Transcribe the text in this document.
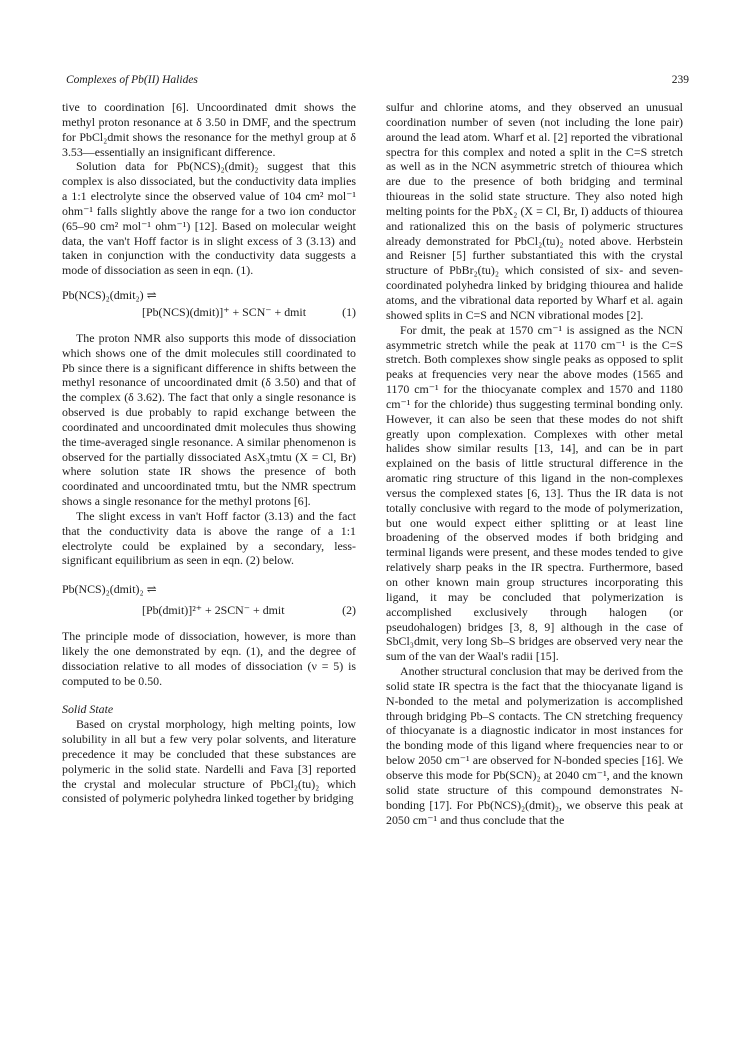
Complexes of Pb(II) Halides	239

tive to coordination [6]. Uncoordinated dmit shows the methyl proton resonance at δ 3.50 in DMF, and the spectrum for PbCl₂dmit shows the resonance for the methyl group at δ 3.53—essentially an insignificant difference.

Solution data for Pb(NCS)₂(dmit)₂ suggest that this complex is also dissociated, but the conductivity data implies a 1:1 electrolyte since the observed value of 104 cm² mol⁻¹ ohm⁻¹ falls slightly above the range for a two ion conductor (65–90 cm² mol⁻¹ ohm⁻¹) [12]. Based on molecular weight data, the van't Hoff factor is in slight excess of 3 (3.13) and taken in conjunction with the conductivity data suggests a mode of dissociation as seen in eqn. (1).

Pb(NCS)₂(dmit₂) ⇌
[Pb(NCS)(dmit)]⁺ + SCN⁻ + dmit	(1)

The proton NMR also supports this mode of dissociation which shows one of the dmit molecules still coordinated to Pb since there is a significant difference in shifts between the methyl resonance of uncoordinated dmit (δ 3.50) and that of the complex (δ 3.62). The fact that only a single resonance is observed is due probably to rapid exchange between the coordinated and uncoordinated dmit molecules thus showing the time-averaged single resonance. A similar phenomenon is observed for the partially dissociated AsX₃tmtu (X = Cl, Br) where solution state IR shows the presence of both coordinated and uncoordinated tmtu, but the NMR spectrum shows a single resonance for the methyl protons [6].

The slight excess in van't Hoff factor (3.13) and the fact that the conductivity data is above the range of a 1:1 electrolyte could be explained by a secondary, less-significant equilibrium as seen in eqn. (2) below.

Pb(NCS)₂(dmit)₂ ⇌
[Pb(dmit)]²⁺ + 2SCN⁻ + dmit	(2)

The principle mode of dissociation, however, is more than likely the one demonstrated by eqn. (1), and the degree of dissociation relative to all modes of dissociation (ν = 5) is computed to be 0.50.

Solid State

Based on crystal morphology, high melting points, low solubility in all but a few very polar solvents, and literature precedence it may be concluded that these substances are polymeric in the solid state. Nardelli and Fava [3] reported the crystal and molecular structure of PbCl₂(tu)₂ which consisted of polymeric polyhedra linked together by bridging

sulfur and chlorine atoms, and they observed an unusual coordination number of seven (not including the lone pair) around the lead atom. Wharf et al. [2] reported the vibrational spectra for this complex and noted a split in the C=S stretch as well as in the NCN asymmetric stretch of thiourea which are due to the presence of both bridging and terminal thioureas in the solid state structure. They also noted high melting points for the PbX₂ (X = Cl, Br, I) adducts of thiourea and rationalized this on the basis of polymeric structures already demonstrated for PbCl₂(tu)₂ noted above. Herbstein and Reisner [5] further substantiated this with the crystal structure of PbBr₂(tu)₂ which consisted of six- and seven-coordinated polyhedra linked by bridging thiourea and halide atoms, and the vibrational data reported by Wharf et al. again showed splits in C=S and NCN vibrational modes [2].

For dmit, the peak at 1570 cm⁻¹ is assigned as the NCN asymmetric stretch while the peak at 1170 cm⁻¹ is the C=S stretch. Both complexes show single peaks as opposed to split peaks at frequencies very near the above modes (1565 and 1170 cm⁻¹ for the thiocyanate complex and 1570 and 1180 cm⁻¹ for the chloride) thus suggesting terminal bonding only. However, it can also be seen that these modes do not shift greatly upon complexation. Complexes with other metal halides show similar results [13, 14], and can be in part explained on the basis of little structural difference in the aromatic ring structure of this ligand in the non-complexes versus the complexed states [6, 13]. Thus the IR data is not totally conclusive with regard to the mode of polymerization, but one would expect either splitting or at least line broadening of the observed modes if both bridging and terminal ligands were present, and these modes tended to give relatively sharp peaks in the IR spectra. Furthermore, based on other known main group structures incorporating this ligand, it may be concluded that polymerization is accomplished exclusively through halogen (or pseudohalogen) bridges [3, 8, 9] although in the case of SbCl₃dmit, very long Sb–S bridges are observed very near the sum of the van der Waal's radii [15].

Another structural conclusion that may be derived from the solid state IR spectra is the fact that the thiocyanate ligand is N-bonded to the metal and polymerization is accomplished through bridging Pb–S contacts. The CN stretching frequency of thiocyanate is a diagnostic indicator in most instances for the bonding mode of this ligand where frequencies near to or below 2050 cm⁻¹ are observed for N-bonded species [16]. We observe this mode for Pb(SCN)₂ at 2040 cm⁻¹, and the known solid state structure of this compound demonstrates N-bonding [17]. For Pb(NCS)₂(dmit)₂, we observe this peak at 2050 cm⁻¹ and thus conclude that the
